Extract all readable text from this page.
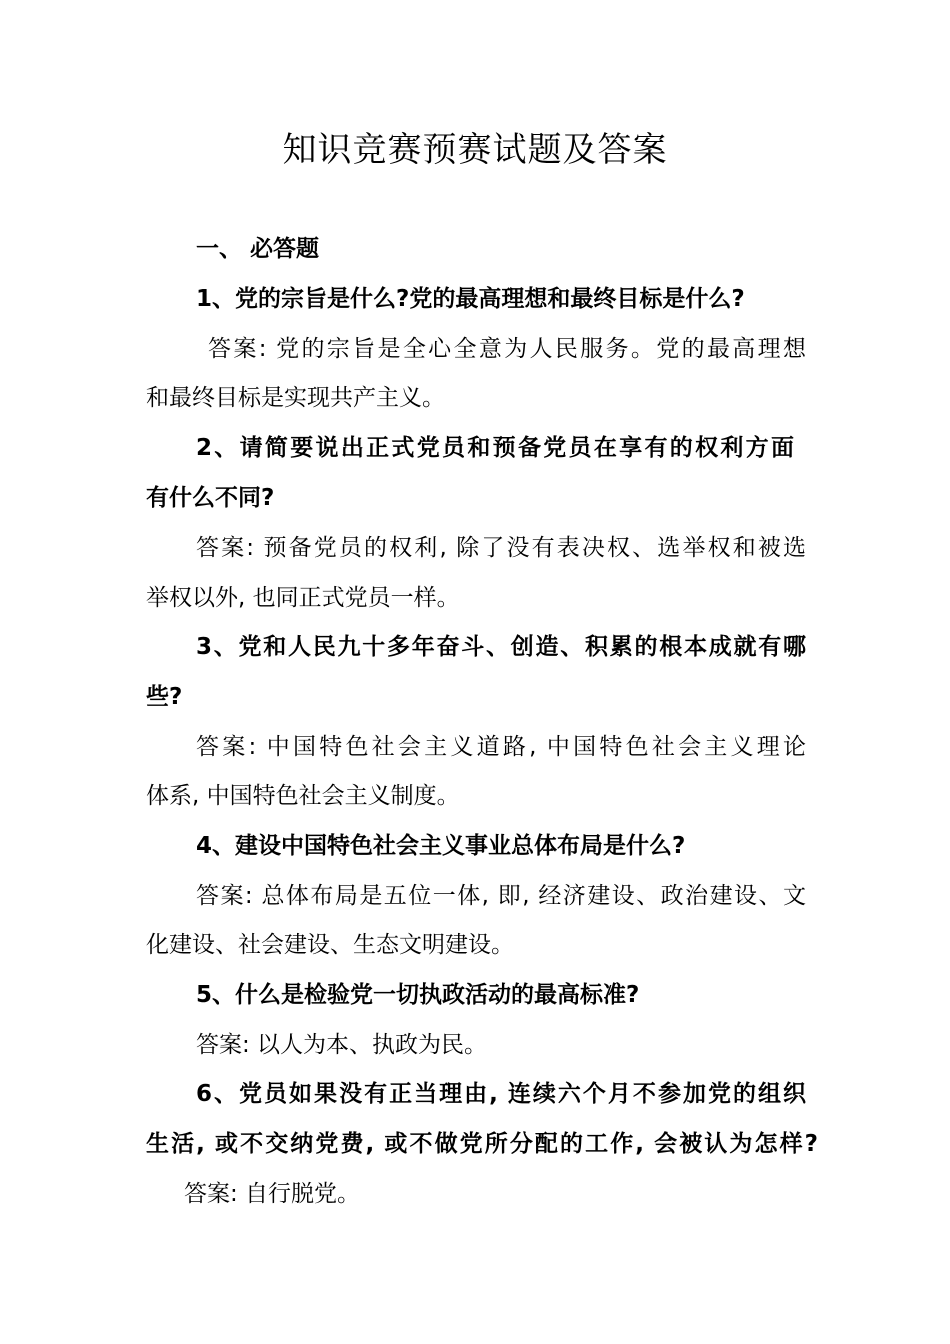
知识竞赛预赛试题及答案
一、 必答题
1、党的宗旨是什么?党的最高理想和最终目标是什么?
答案: 党的宗旨是全心全意为人民服务。党的最高理想
和最终目标是实现共产主义。
2、请简要说出正式党员和预备党员在享有的权利方面
有什么不同?
答案: 预备党员的权利, 除了没有表决权、选举权和被选
举权以外, 也同正式党员一样。
3、党和人民九十多年奋斗、创造、积累的根本成就有哪
些?
答案: 中国特色社会主义道路, 中国特色社会主义理论
体系, 中国特色社会主义制度。
4、建设中国特色社会主义事业总体布局是什么?
答案: 总体布局是五位一体, 即, 经济建设、政治建设、文
化建设、社会建设、生态文明建设。
5、什么是检验党一切执政活动的最高标准?
答案: 以人为本、执政为民。
6、党员如果没有正当理由, 连续六个月不参加党的组织
生活, 或不交纳党费, 或不做党所分配的工作, 会被认为怎样?
答案: 自行脱党。
